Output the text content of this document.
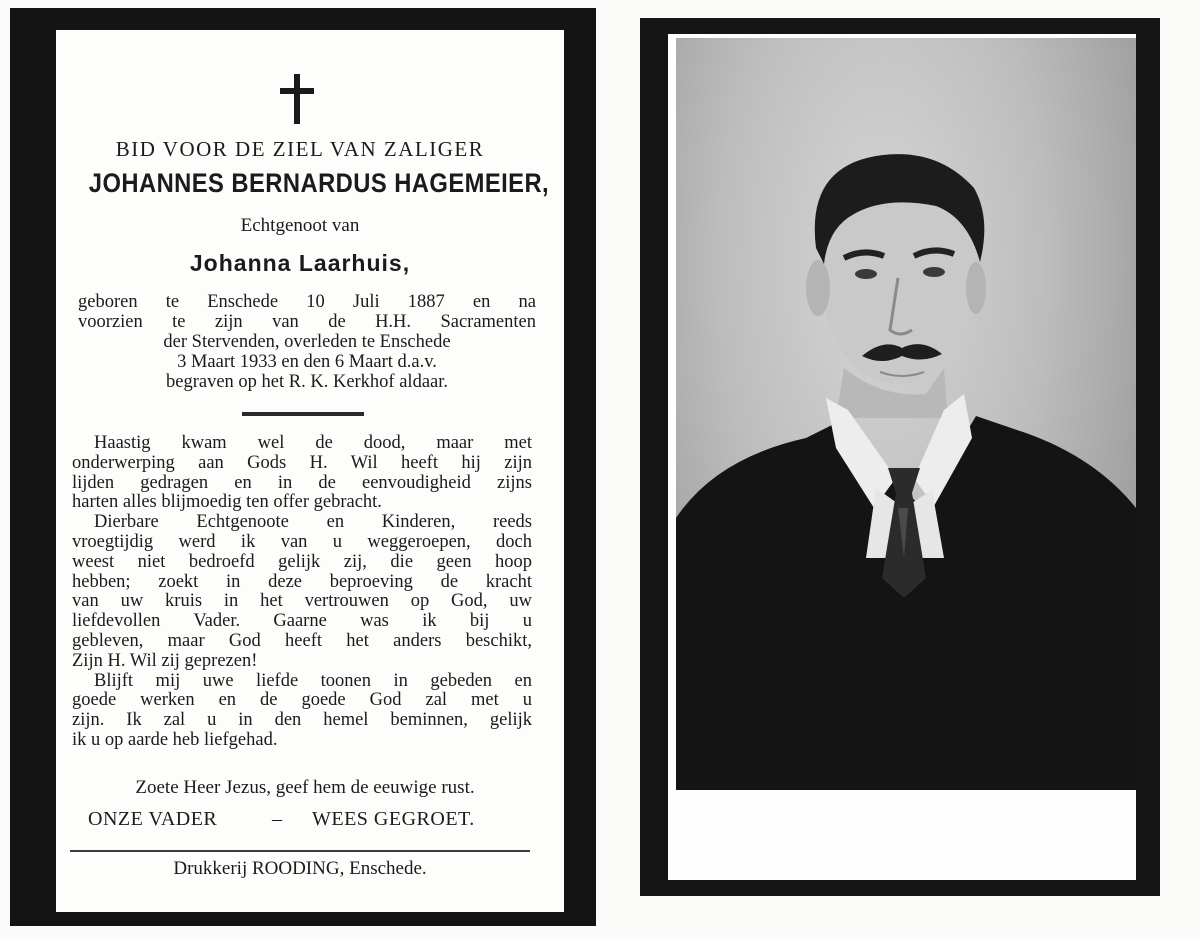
BID VOOR DE ZIEL VAN ZALIGER
JOHANNES BERNARDUS HAGEMEIER,
Echtgenoot van
Johanna Laarhuis,
geboren te Enschede 10 Juli 1887 en na
voorzien te zijn van de H.H. Sacramenten
der Stervenden, overleden te Enschede
3 Maart 1933 en den 6 Maart d.a.v.
begraven op het R. K. Kerkhof aldaar.
Haastig kwam wel de dood, maar met
onderwerping aan Gods H. Wil heeft hij zijn
lijden gedragen en in de eenvoudigheid zijns
harten alles blijmoedig ten offer gebracht.
Dierbare Echtgenoote en Kinderen, reeds
vroegtijdig werd ik van u weggeroepen, doch
weest niet bedroefd gelijk zij, die geen hoop
hebben; zoekt in deze beproeving de kracht
van uw kruis in het vertrouwen op God, uw
liefdevollen Vader. Gaarne was ik bij u
gebleven, maar God heeft het anders beschikt,
Zijn H. Wil zij geprezen!
Blijft mij uwe liefde toonen in gebeden en
goede werken en de goede God zal met u
zijn. Ik zal u in den hemel beminnen, gelijk
ik u op aarde heb liefgehad.
Zoete Heer Jezus, geef hem de eeuwige rust.
ONZE VADER	– WEES GEGROET.
Drukkerij ROODING, Enschede.
